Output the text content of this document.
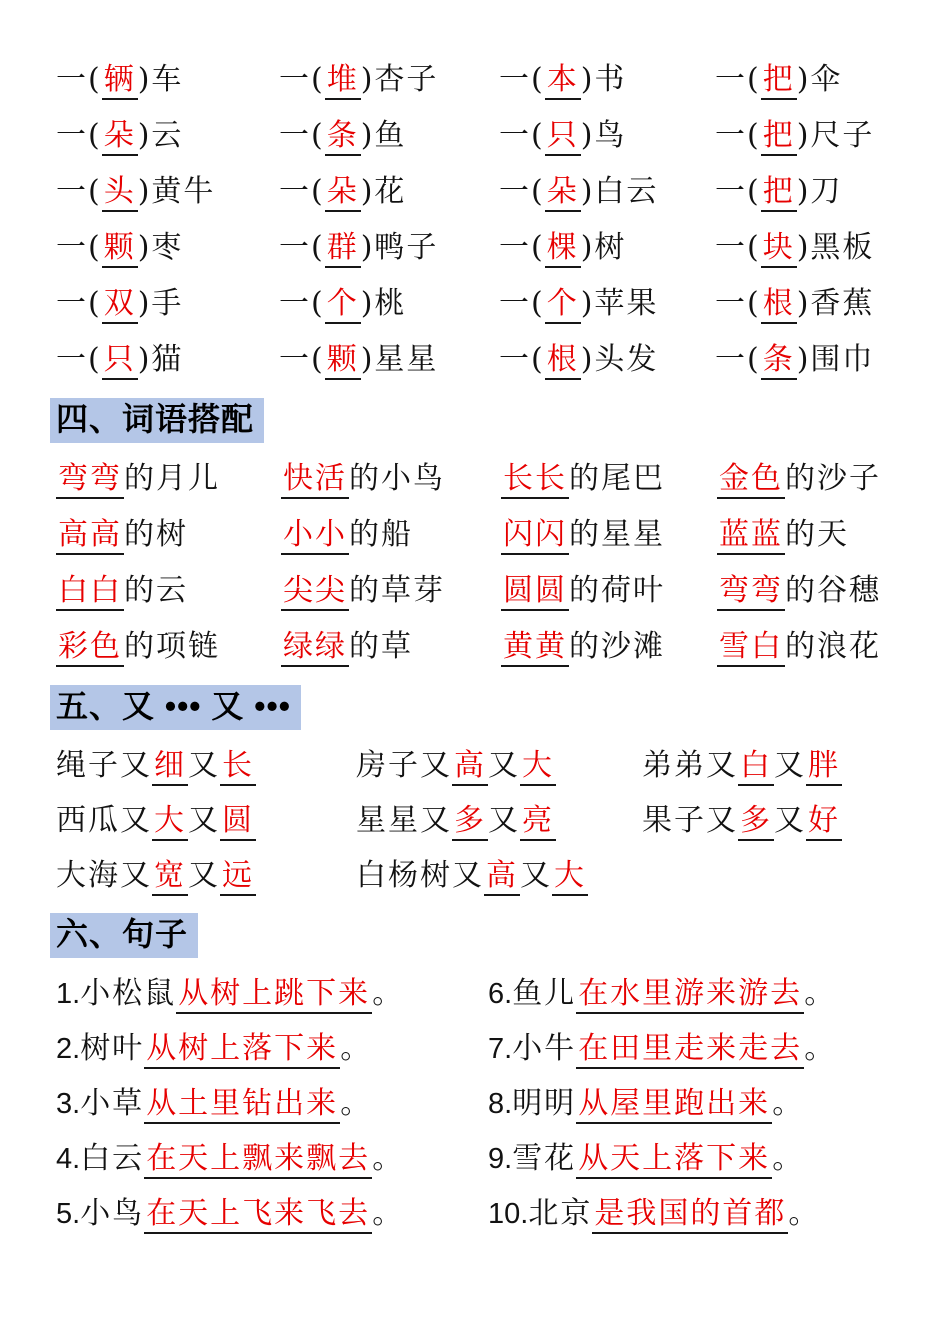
一(辆)车	一(堆)杏子	一(本)书	一(把)伞
一(朵)云	一(条)鱼	一(只)鸟	一(把)尺子
一(头)黄牛	一(朵)花	一(朵)白云	一(把)刀
一(颗)枣	一(群)鸭子	一(棵)树	一(块)黑板
一(双)手	一(个)桃	一(个)苹果	一(根)香蕉
一(只)猫	一(颗)星星	一(根)头发	一(条)围巾
四、词语搭配
弯弯的月儿	快活的小鸟	长长的尾巴	金色的沙子
高高的树	小小的船	闪闪的星星	蓝蓝的天
白白的云	尖尖的草芽	圆圆的荷叶	弯弯的谷穗
彩色的项链	绿绿的草	黄黄的沙滩	雪白的浪花
五、又 ••• 又 •••
绳子又细又长	房子又高又大	弟弟又白又胖
西瓜又大又圆	星星又多又亮	果子又多又好
大海又宽又远	白杨树又高又大
六、句子
1.小松鼠从树上跳下来。
2.树叶从树上落下来。
3.小草从土里钻出来。
4.白云在天上飘来飘去。
5.小鸟在天上飞来飞去。
6.鱼儿在水里游来游去。
7.小牛在田里走来走去。
8.明明从屋里跑出来。
9.雪花从天上落下来。
10.北京是我国的首都。
